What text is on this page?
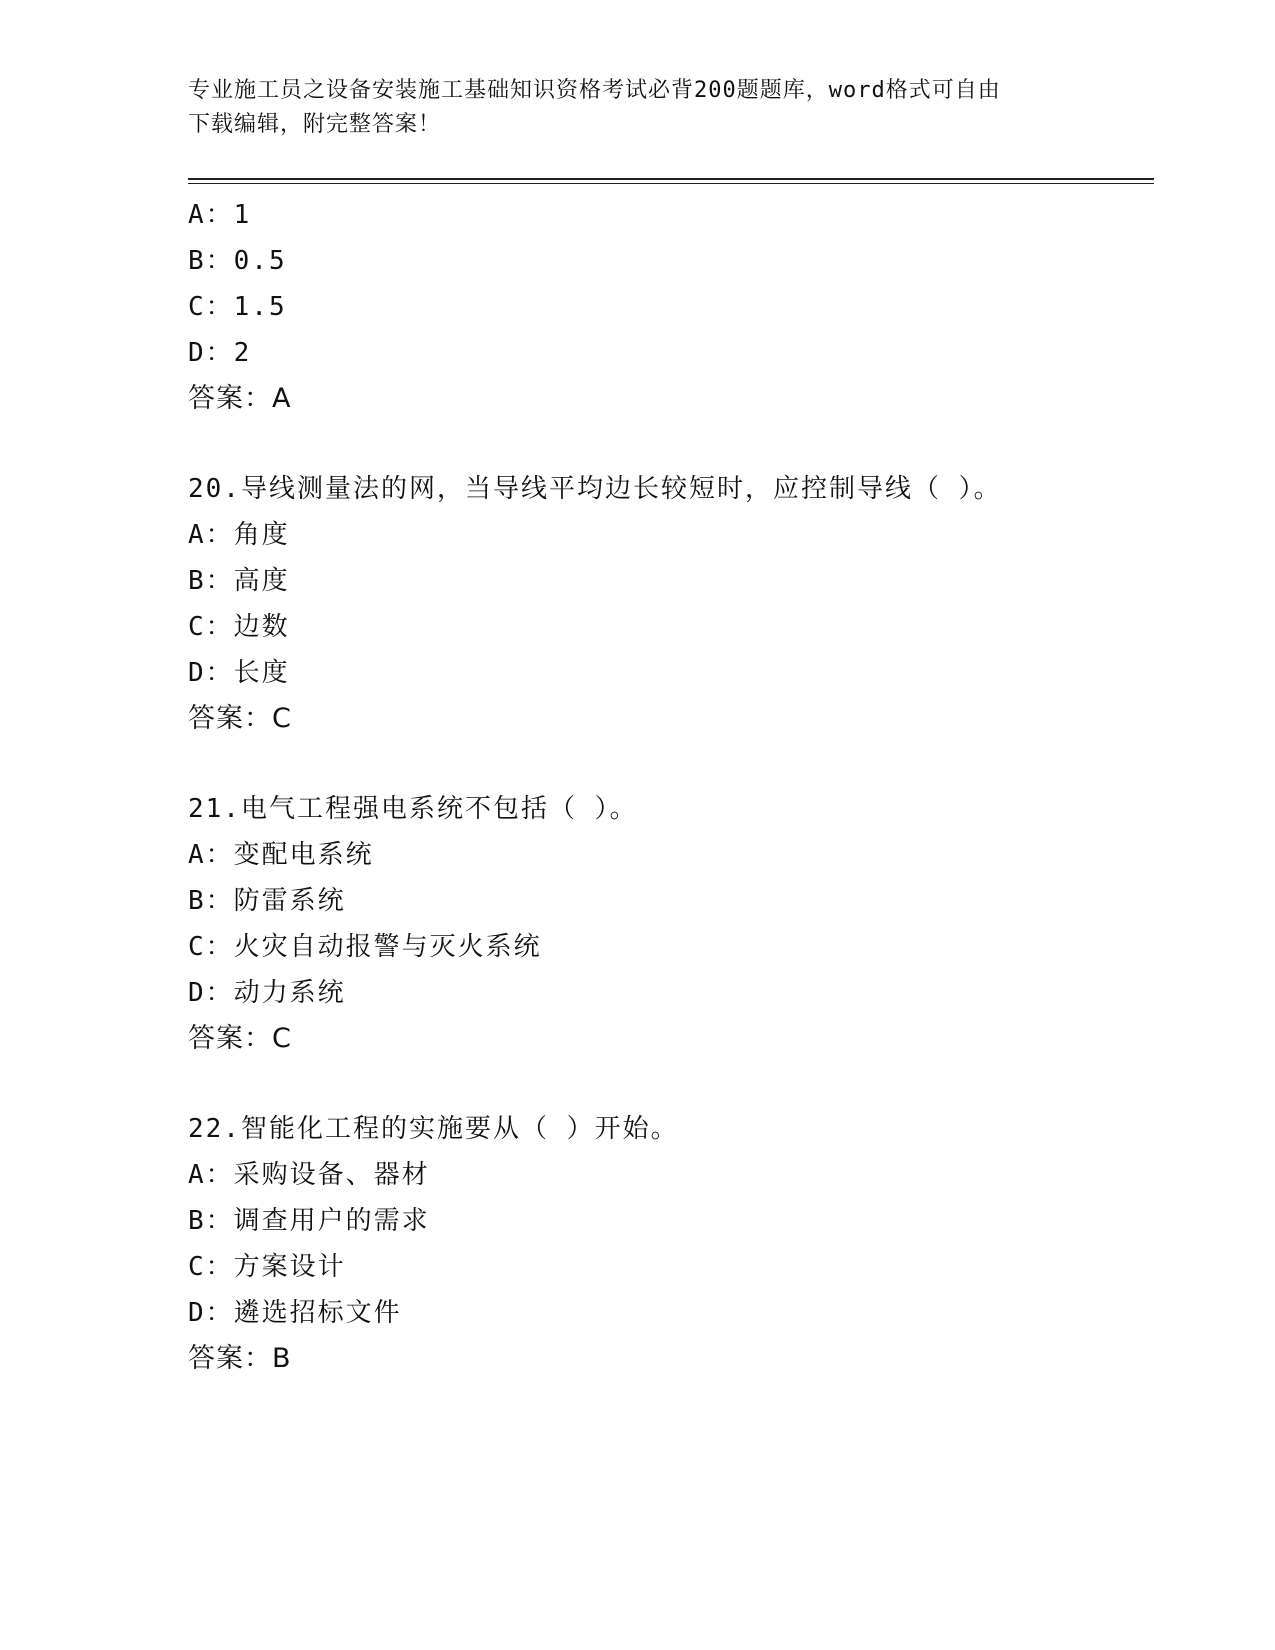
专业施工员之设备安装施工基础知识资格考试必背200题题库，word格式可自由
下载编辑，附完整答案！
A：1
B：0.5
C：1.5
D：2
答案：A
20.导线测量法的网，当导线平均边长较短时，应控制导线（ ）。
A：角度
B：高度
C：边数
D：长度
答案：C
21.电气工程强电系统不包括（ ）。
A：变配电系统
B：防雷系统
C：火灾自动报警与灭火系统
D：动力系统
答案：C
22.智能化工程的实施要从（ ）开始。
A：采购设备、器材
B：调查用户的需求
C：方案设计
D：遴选招标文件
答案：B
